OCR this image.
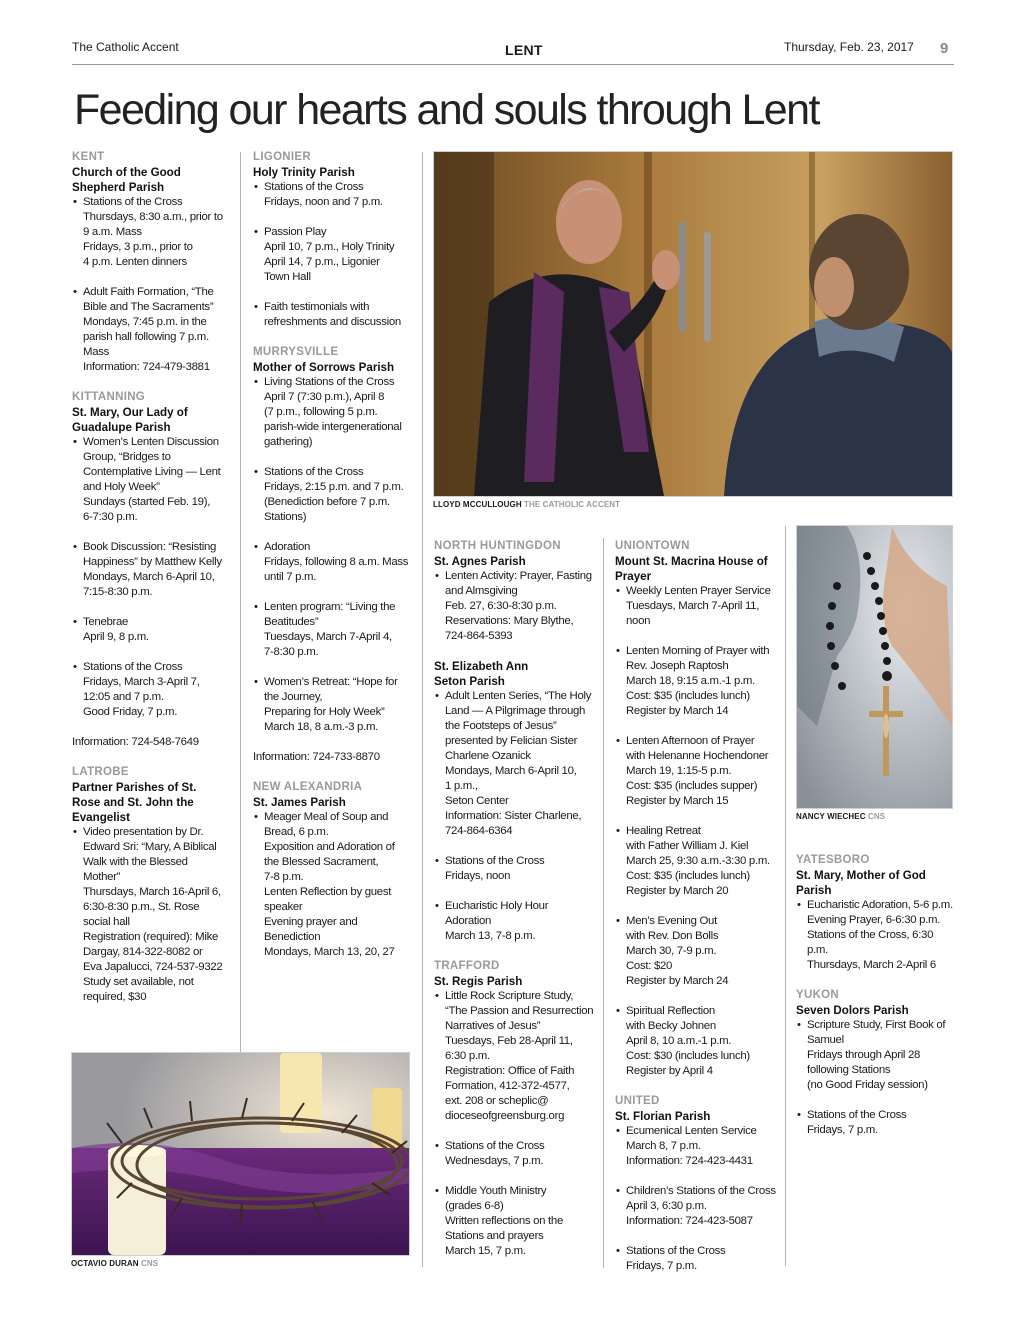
The Catholic Accent	LENT	Thursday, Feb. 23, 2017 9
Feeding our hearts and souls through Lent
KENT
Church of the Good
Shepherd Parish
• Stations of the Cross
Thursdays, 8:30 a.m., prior to
9 a.m. Mass
Fridays, 3 p.m., prior to
4 p.m. Lenten dinners
• Adult Faith Formation, “The
Bible and The Sacraments”
Mondays, 7:45 p.m. in the
parish hall following 7 p.m.
Mass
Information: 724-479-3881
KITTANNING
St. Mary, Our Lady of
Guadalupe Parish
• Women’s Lenten Discussion
Group, “Bridges to
Contemplative Living — Lent
and Holy Week”
Sundays (started Feb. 19),
6-7:30 p.m.
• Book Discussion: “Resisting
Happiness” by Matthew Kelly
Mondays, March 6-April 10,
7:15-8:30 p.m.
• Tenebrae
April 9, 8 p.m.
• Stations of the Cross
Fridays, March 3-April 7,
12:05 and 7 p.m.
Good Friday, 7 p.m.
Information: 724-548-7649
LATROBE
Partner Parishes of St.
Rose and St. John the
Evangelist
• Video presentation by Dr.
Edward Sri: “Mary, A Biblical
Walk with the Blessed
Mother”
Thursdays, March 16-April 6,
6:30-8:30 p.m., St. Rose
social hall
Registration (required): Mike
Dargay, 814-322-8082 or
Eva Japalucci, 724-537-9322
Study set available, not
required, $30
LIGONIER
Holy Trinity Parish
• Stations of the Cross
Fridays, noon and 7 p.m.
• Passion Play
April 10, 7 p.m., Holy Trinity
April 14, 7 p.m., Ligonier
Town Hall
• Faith testimonials with
refreshments and discussion
MURRYSVILLE
Mother of Sorrows Parish
• Living Stations of the Cross
April 7 (7:30 p.m.), April 8
(7 p.m., following 5 p.m.
parish-wide intergenerational
gathering)
• Stations of the Cross
Fridays, 2:15 p.m. and 7 p.m.
(Benediction before 7 p.m.
Stations)
• Adoration
Fridays, following 8 a.m. Mass
until 7 p.m.
• Lenten program: “Living the
Beatitudes”
Tuesdays, March 7-April 4,
7-8:30 p.m.
• Women’s Retreat: “Hope for
the Journey,
Preparing for Holy Week”
March 18, 8 a.m.-3 p.m.
Information: 724-733-8870
NEW ALEXANDRIA
St. James Parish
• Meager Meal of Soup and
Bread, 6 p.m.
Exposition and Adoration of
the Blessed Sacrament,
7-8 p.m.
Lenten Reflection by guest
speaker
Evening prayer and
Benediction
Mondays, March 13, 20, 27
LLOYD MCCULLOUGH THE CATHOLIC ACCENT
NORTH HUNTINGDON
St. Agnes Parish
• Lenten Activity: Prayer, Fasting
and Almsgiving
Feb. 27, 6:30-8:30 p.m.
Reservations: Mary Blythe,
724-864-5393
St. Elizabeth Ann
Seton Parish
• Adult Lenten Series, “The Holy
Land — A Pilgrimage through
the Footsteps of Jesus”
presented by Felician Sister
Charlene Ozanick
Mondays, March 6-April 10,
1 p.m.,
Seton Center
Information: Sister Charlene,
724-864-6364
• Stations of the Cross
Fridays, noon
• Eucharistic Holy Hour
Adoration
March 13, 7-8 p.m.
TRAFFORD
St. Regis Parish
• Little Rock Scripture Study,
“The Passion and Resurrection
Narratives of Jesus”
Tuesdays, Feb 28-April 11,
6:30 p.m.
Registration: Office of Faith
Formation, 412-372-4577,
ext. 208 or scheplic@
dioceseofgreensburg.org
• Stations of the Cross
Wednesdays, 7 p.m.
• Middle Youth Ministry
(grades 6-8)
Written reflections on the
Stations and prayers
March 15, 7 p.m.
UNIONTOWN
Mount St. Macrina House of
Prayer
• Weekly Lenten Prayer Service
Tuesdays, March 7-April 11,
noon
• Lenten Morning of Prayer with
Rev. Joseph Raptosh
March 18, 9:15 a.m.-1 p.m.
Cost: $35 (includes lunch)
Register by March 14
• Lenten Afternoon of Prayer
with Helenanne Hochendoner
March 19, 1:15-5 p.m.
Cost: $35 (includes supper)
Register by March 15
• Healing Retreat
with Father William J. Kiel
March 25, 9:30 a.m.-3:30 p.m.
Cost: $35 (includes lunch)
Register by March 20
• Men’s Evening Out
with Rev. Don Bolls
March 30, 7-9 p.m.
Cost: $20
Register by March 24
• Spiritual Reflection
with Becky Johnen
April 8, 10 a.m.-1 p.m.
Cost: $30 (includes lunch)
Register by April 4
UNITED
St. Florian Parish
• Ecumenical Lenten Service
March 8, 7 p.m.
Information: 724-423-4431
• Children’s Stations of the Cross
April 3, 6:30 p.m.
Information: 724-423-5087
• Stations of the Cross
Fridays, 7 p.m.
NANCY WIECHEC CNS
YATESBORO
St. Mary, Mother of God
Parish
• Eucharistic Adoration, 5-6 p.m.
Evening Prayer, 6-6:30 p.m.
Stations of the Cross, 6:30 p.m.
Thursdays, March 2-April 6
YUKON
Seven Dolors Parish
• Scripture Study, First Book of
Samuel
Fridays through April 28
following Stations
(no Good Friday session)
• Stations of the Cross
Fridays, 7 p.m.
OCTAVIO DURAN CNS
